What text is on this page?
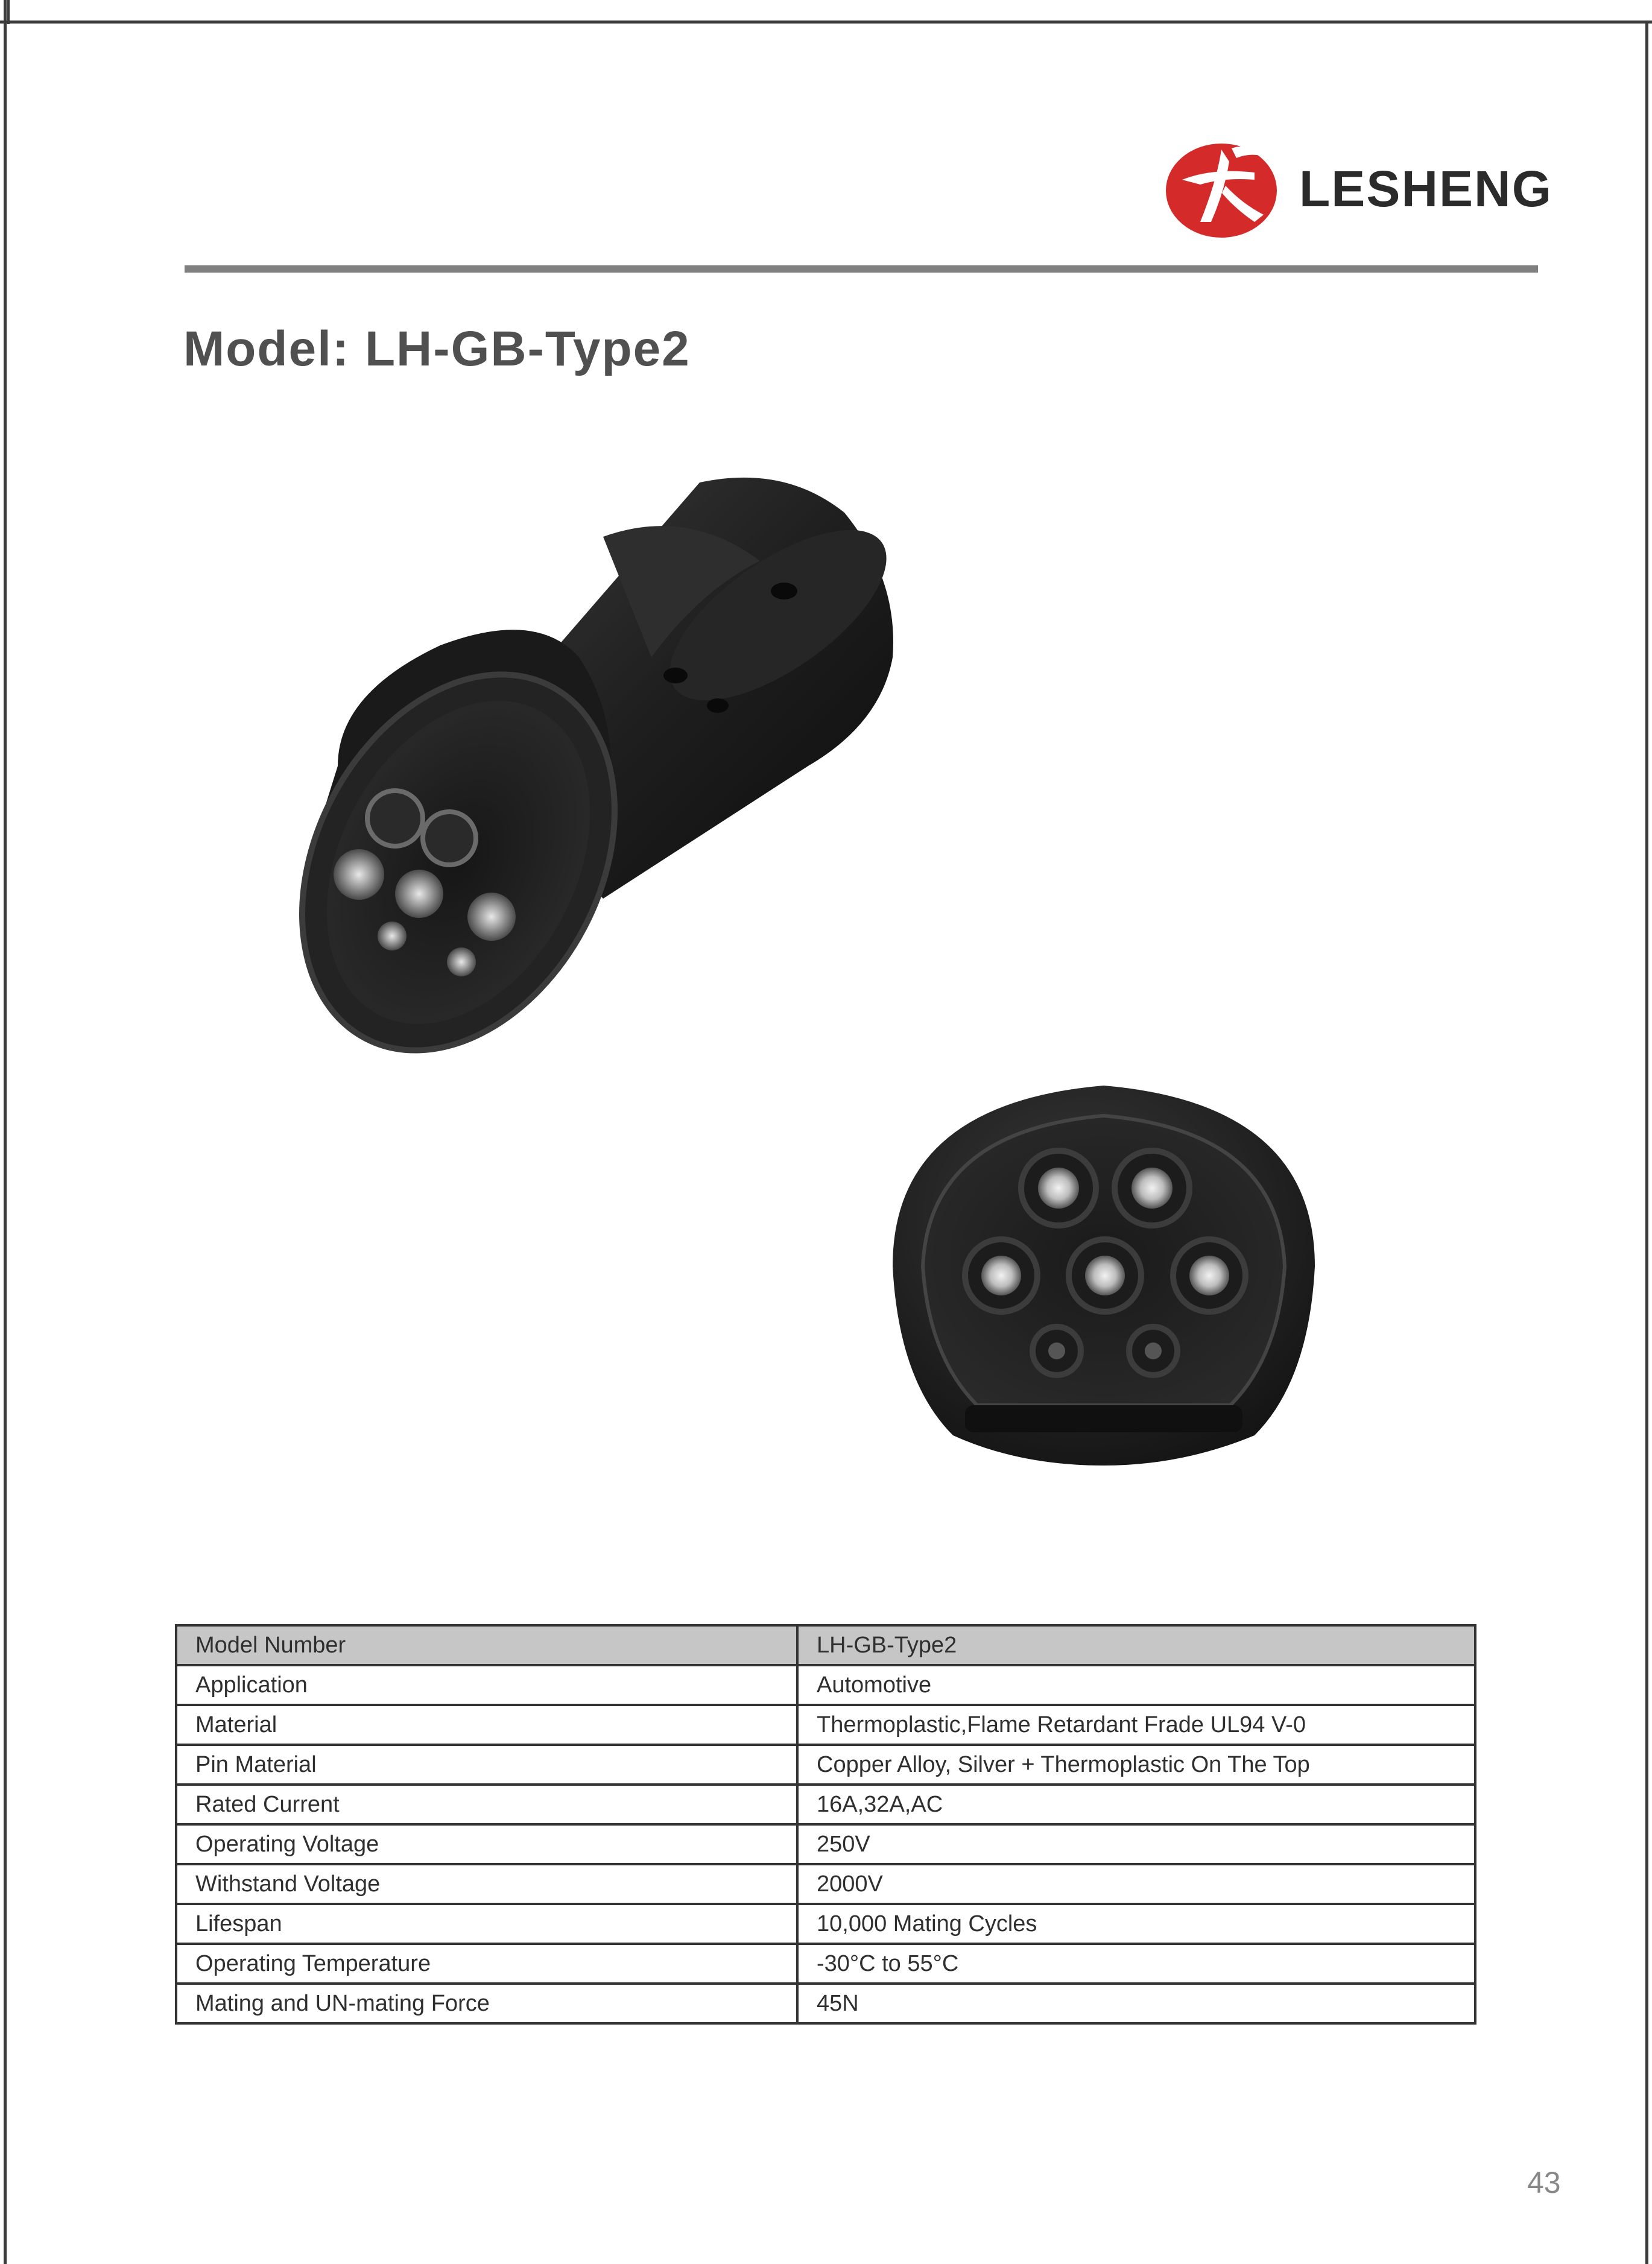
LESHENG
Model: LH-GB-Type2
Model Number	LH-GB-Type2
Application	Automotive
Material	Thermoplastic,Flame Retardant Frade UL94 V-0
Pin Material	Copper Alloy, Silver + Thermoplastic On The Top
Rated Current	16A,32A,AC
Operating Voltage	250V
Withstand Voltage	2000V
Lifespan	10,000 Mating Cycles
Operating Temperature	-30°C to 55°C
Mating and UN-mating Force	45N
43
